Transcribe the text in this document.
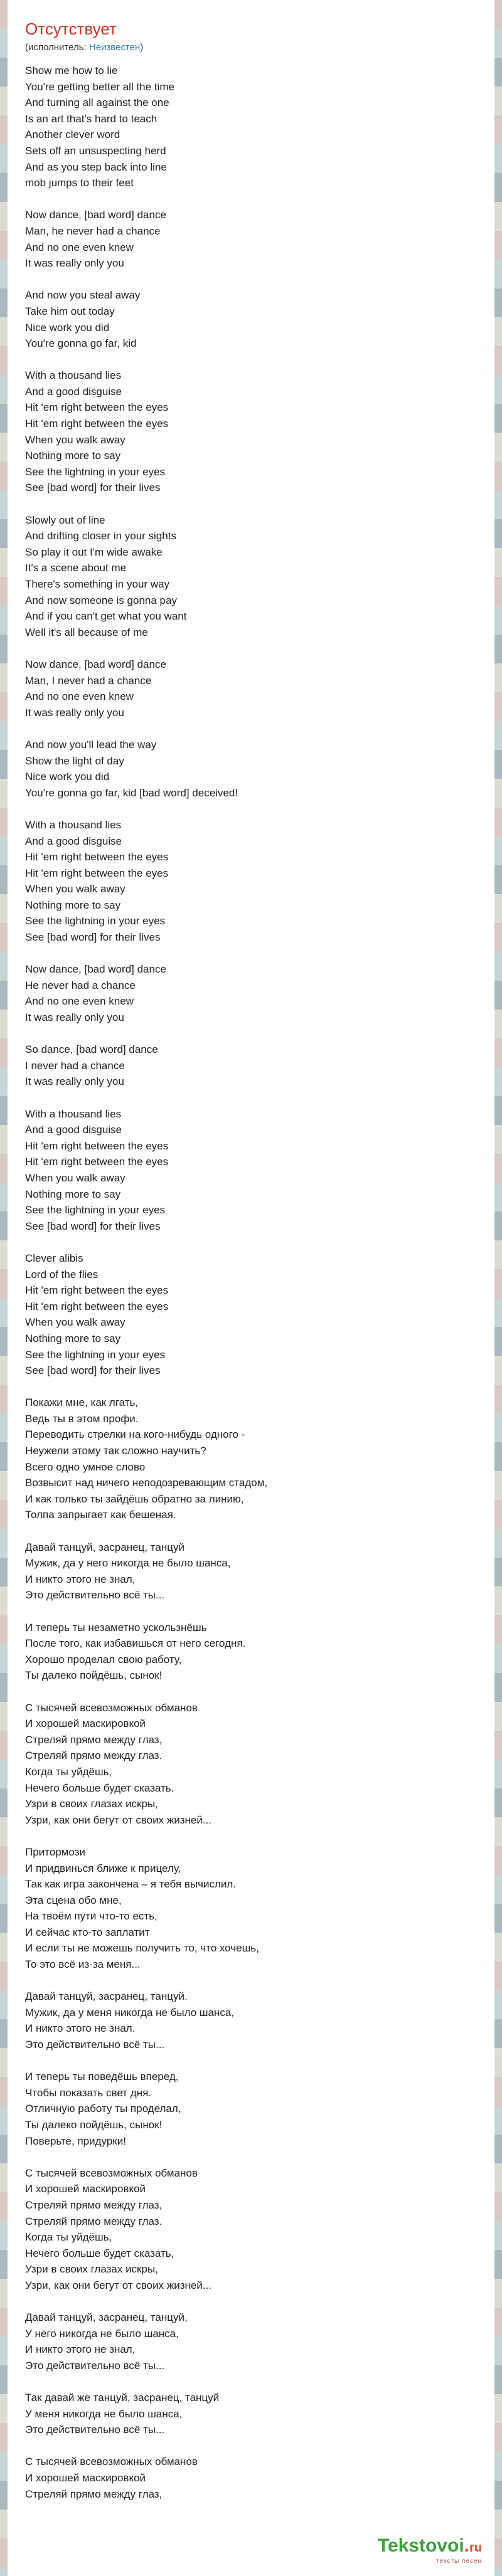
Отсутствует
(исполнитель: Неизвестен)
Show me how to lie
You're getting better all the time
And turning all against the one
Is an art that's hard to teach
Another clever word
Sets off an unsuspecting herd
And as you step back into line
mob jumps to their feet
Now dance, [bad word] dance
Man, he never had a chance
And no one even knew
It was really only you
And now you steal away
Take him out today
Nice work you did
You're gonna go far, kid
With a thousand lies
And a good disguise
Hit 'em right between the eyes
Hit 'em right between the eyes
When you walk away
Nothing more to say
See the lightning in your eyes
See [bad word] for their lives
Slowly out of line
And drifting closer in your sights
So play it out I'm wide awake
It's a scene about me
There's something in your way
And now someone is gonna pay
And if you can't get what you want
Well it's all because of me
Now dance, [bad word] dance
Man, I never had a chance
And no one even knew
It was really only you
And now you'll lead the way
Show the light of day
Nice work you did
You're gonna go far, kid [bad word] deceived!
With a thousand lies
And a good disguise
Hit 'em right between the eyes
Hit 'em right between the eyes
When you walk away
Nothing more to say
See the lightning in your eyes
See [bad word] for their lives
Now dance, [bad word] dance
He never had a chance
And no one even knew
It was really only you
So dance, [bad word] dance
I never had a chance
It was really only you
With a thousand lies
And a good disguise
Hit 'em right between the eyes
Hit 'em right between the eyes
When you walk away
Nothing more to say
See the lightning in your eyes
See [bad word] for their lives
Clever alibis
Lord of the flies
Hit 'em right between the eyes
Hit 'em right between the eyes
When you walk away
Nothing more to say
See the lightning in your eyes
See [bad word] for their lives
Покажи мне, как лгать,
Ведь ты в этом профи.
Переводить стрелки на кого-нибудь одного -
Неужели этому так сложно научить?
Всего одно умное слово
Возвысит над ничего неподозревающим стадом,
И как только ты зайдёшь обратно за линию,
Толпа запрыгает как бешеная.
Давай танцуй, засранец, танцуй
Мужик, да у него никогда не было шанса,
И никто этого не знал,
Это действительно всё ты...
И теперь ты незаметно ускользнёшь
После того, как избавишься от него сегодня.
Хорошо проделал свою работу,
Ты далеко пойдёшь, сынок!
С тысячей всевозможных обманов
И хорошей маскировкой
Стреляй прямо между глаз,
Стреляй прямо между глаз.
Когда ты уйдёшь,
Нечего больше будет сказать.
Узри в своих глазах искры,
Узри, как они бегут от своих жизней...
Притормози
И придвинься ближе к прицелу,
Так как игра закончена – я тебя вычислил.
Эта сцена обо мне,
На твоём пути что-то есть,
И сейчас кто-то заплатит
И если ты не можешь получить то, что хочешь,
То это всё из-за меня...
Давай танцуй, засранец, танцуй.
Мужик, да у меня никогда не было шанса,
И никто этого не знал.
Это действительно всё ты...
И теперь ты поведёшь вперед,
Чтобы показать свет дня.
Отличную работу ты проделал,
Ты далеко пойдёшь, сынок!
Поверьте, придурки!
С тысячей всевозможных обманов
И хорошей маскировкой
Стреляй прямо между глаз,
Стреляй прямо между глаз.
Когда ты уйдёшь,
Нечего больше будет сказать,
Узри в своих глазах искры,
Узри, как они бегут от своих жизней...
Давай танцуй, засранец, танцуй,
У него никогда не было шанса,
И никто этого не знал,
Это действительно всё ты...
Так давай же танцуй, засранец, танцуй
У меня никогда не было шанса,
Это действительно всё ты...
С тысячей всевозможных обманов
И хорошей маскировкой
Стреляй прямо между глаз,
Tekstovoi.ru
тексты песен
